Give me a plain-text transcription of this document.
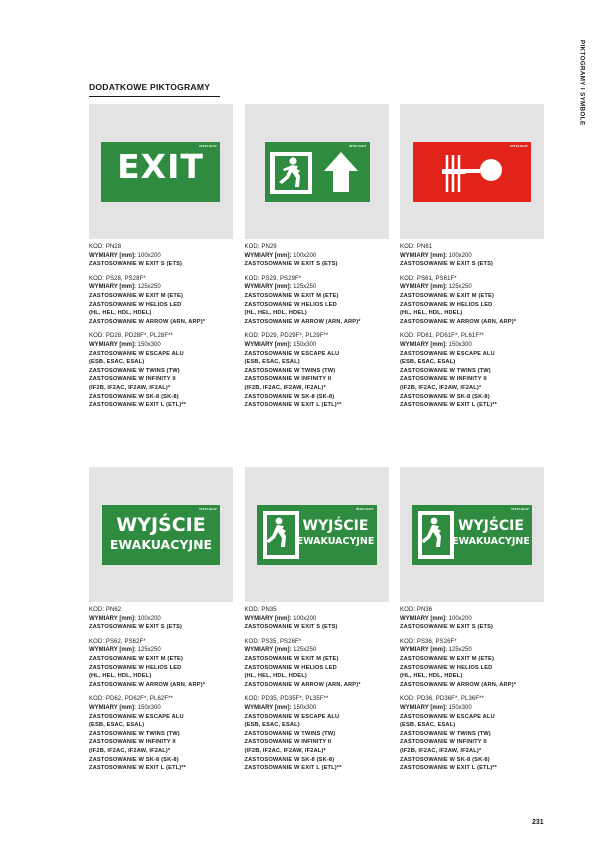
PIKTOGRAMY I SYMBOLE
DODATKOWE PIKTOGRAMY
INTELIGHT
EXIT
KOD: PN28
WYMIARY [mm]: 100x200
ZASTOSOWANIE W EXIT S (ETS)
KOD: PS28, PS28F*
WYMIARY [mm]: 125x250
ZASTOSOWANIE W EXIT M (ETE)
ZASTOSOWANIE W HELIOS LED
(HL, HEL, HDL, HDEL)
ZASTOSOWANIE W ARROW (ARN, ARP)*
KOD: PD28, PD28F*, PL28F**
WYMIARY [mm]: 150x300
ZASTOSOWANIE W ESCAPE ALU
(ESB, ESAC, ESAL)
ZASTOSOWANIE W TWINS (TW)
ZASTOSOWANIE W INFINITY II
(IF2B, IF2AC, IF2AW, IF2AL)*
ZASTOSOWANIE W SK-8 (SK-8)
ZASTOSOWANIE W EXIT L (ETL)**
INTELIGHT
KOD: PN29
WYMIARY [mm]: 100x200
ZASTOSOWANIE W EXIT S (ETS)
KOD: PS29, PS29F*
WYMIARY [mm]: 125x250
ZASTOSOWANIE W EXIT M (ETE)
ZASTOSOWANIE W HELIOS LED
(HL, HEL, HDL, HDEL)
ZASTOSOWANIE W ARROW (ARN, ARP)*
KOD: PD29, PD29F*, PL29F**
WYMIARY [mm]: 150x300
ZASTOSOWANIE W ESCAPE ALU
(ESB, ESAC, ESAL)
ZASTOSOWANIE W TWINS (TW)
ZASTOSOWANIE W INFINITY II
(IF2B, IF2AC, IF2AW, IF2AL)*
ZASTOSOWANIE W SK-8 (SK-8)
ZASTOSOWANIE W EXIT L (ETL)**
INTELIGHT
KOD: PN61
WYMIARY [mm]: 100x200
ZASTOSOWANIE W EXIT S (ETS)
KOD: PS61, PS61F*
WYMIARY [mm]: 125x250
ZASTOSOWANIE W EXIT M (ETE)
ZASTOSOWANIE W HELIOS LED
(HL, HEL, HDL, HDEL)
ZASTOSOWANIE W ARROW (ARN, ARP)*
KOD: PD61, PD61F*, PL61F**
WYMIARY [mm]: 150x300
ZASTOSOWANIE W ESCAPE ALU
(ESB, ESAC, ESAL)
ZASTOSOWANIE W TWINS (TW)
ZASTOSOWANIE W INFINITY II
(IF2B, IF2AC, IF2AW, IF2AL)*
ZASTOSOWANIE W SK-8 (SK-8)
ZASTOSOWANIE W EXIT L (ETL)**
INTELIGHT
WYJŚCIE
EWAKUACYJNE
KOD: PN62
WYMIARY [mm]: 100x200
ZASTOSOWANIE W EXIT S (ETS)
KOD: PS62, PS62F*
WYMIARY [mm]: 125x250
ZASTOSOWANIE W EXIT M (ETE)
ZASTOSOWANIE W HELIOS LED
(HL, HEL, HDL, HDEL)
ZASTOSOWANIE W ARROW (ARN, ARP)*
KOD: PD62, PD62F*, PL62F**
WYMIARY [mm]: 150x300
ZASTOSOWANIE W ESCAPE ALU
(ESB, ESAC, ESAL)
ZASTOSOWANIE W TWINS (TW)
ZASTOSOWANIE W INFINITY II
(IF2B, IF2AC, IF2AW, IF2AL)*
ZASTOSOWANIE W SK-8 (SK-8)
ZASTOSOWANIE W EXIT L (ETL)**
INTELIGHT
WYJŚCIE
EWAKUACYJNE
KOD: PN35
WYMIARY [mm]: 100x200
ZASTOSOWANIE W EXIT S (ETS)
KOD: PS35, PS26F*
WYMIARY [mm]: 125x250
ZASTOSOWANIE W EXIT M (ETE)
ZASTOSOWANIE W HELIOS LED
(HL, HEL, HDL, HDEL)
ZASTOSOWANIE W ARROW (ARN, ARP)*
KOD: PD35, PD35F*, PL35F**
WYMIARY [mm]: 150x300
ZASTOSOWANIE W ESCAPE ALU
(ESB, ESAC, ESAL)
ZASTOSOWANIE W TWINS (TW)
ZASTOSOWANIE W INFINITY II
(IF2B, IF2AC, IF2AW, IF2AL)*
ZASTOSOWANIE W SK-8 (SK-8)
ZASTOSOWANIE W EXIT L (ETL)**
INTELIGHT
WYJŚCIE
EWAKUACYJNE
KOD: PN36
WYMIARY [mm]: 100x200
ZASTOSOWANIE W EXIT S (ETS)
KOD: PS36, PS26F*
WYMIARY [mm]: 125x250
ZASTOSOWANIE W EXIT M (ETE)
ZASTOSOWANIE W HELIOS LED
(HL, HEL, HDL, HDEL)
ZASTOSOWANIE W ARROW (ARN, ARP)*
KOD: PD36, PD36F*, PL36F**
WYMIARY [mm]: 150x300
ZASTOSOWANIE W ESCAPE ALU
(ESB, ESAC, ESAL)
ZASTOSOWANIE W TWINS (TW)
ZASTOSOWANIE W INFINITY II
(IF2B, IF2AC, IF2AW, IF2AL)*
ZASTOSOWANIE W SK-8 (SK-8)
ZASTOSOWANIE W EXIT L (ETL)**
231
